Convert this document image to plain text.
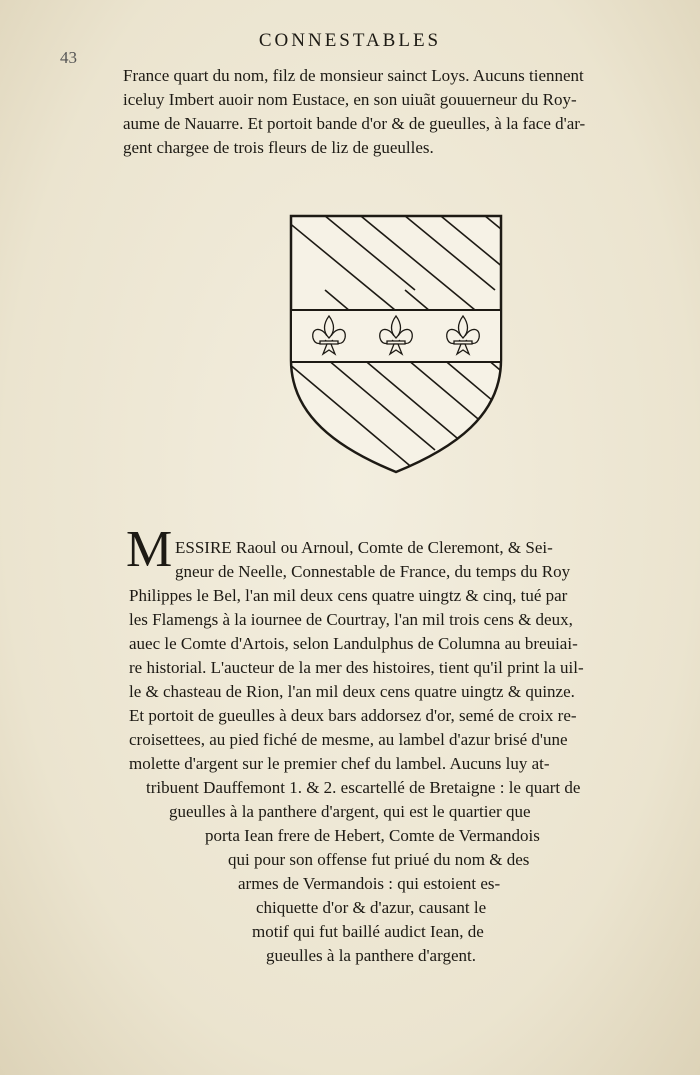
43
CONNESTABLES
France quart du nom, filz de monsieur sainct Loys. Aucuns tiennent
iceluy Imbert auoir nom Eustace, en son uiuãt gouuerneur du Roy-
aume de Nauarre. Et portoit bande d'or & de gueulles, à la face d'ar-
gent chargee de trois fleurs de liz de gueulles.
M ESSIRE Raoul ou Arnoul, Comte de Cleremont, & Sei-
gneur de Neelle, Connestable de France, du temps du Roy
Philippes le Bel, l'an mil deux cens quatre uingtz & cinq, tué par
les Flamengs à la iournee de Courtray, l'an mil trois cens & deux,
auec le Comte d'Artois, selon Landulphus de Columna au breuiai-
re historial. L'aucteur de la mer des histoires, tient qu'il print la uil-
le & chasteau de Rion, l'an mil deux cens quatre uingtz & quinze.
Et portoit de gueulles à deux bars addorsez d'or, semé de croix re-
croisettees, au pied fiché de mesme, au lambel d'azur brisé d'une
molette d'argent sur le premier chef du lambel. Aucuns luy at-
tribuent Dauffemont 1. & 2. escartellé de Bretaigne : le quart de
gueulles à la panthere d'argent, qui est le quartier que
porta Iean frere de Hebert, Comte de Vermandois
qui pour son offense fut priué du nom & des
armes de Vermandois : qui estoient es-
chiquette d'or & d'azur, causant le
motif qui fut baillé audict Iean, de
gueulles à la panthere d'argent.
